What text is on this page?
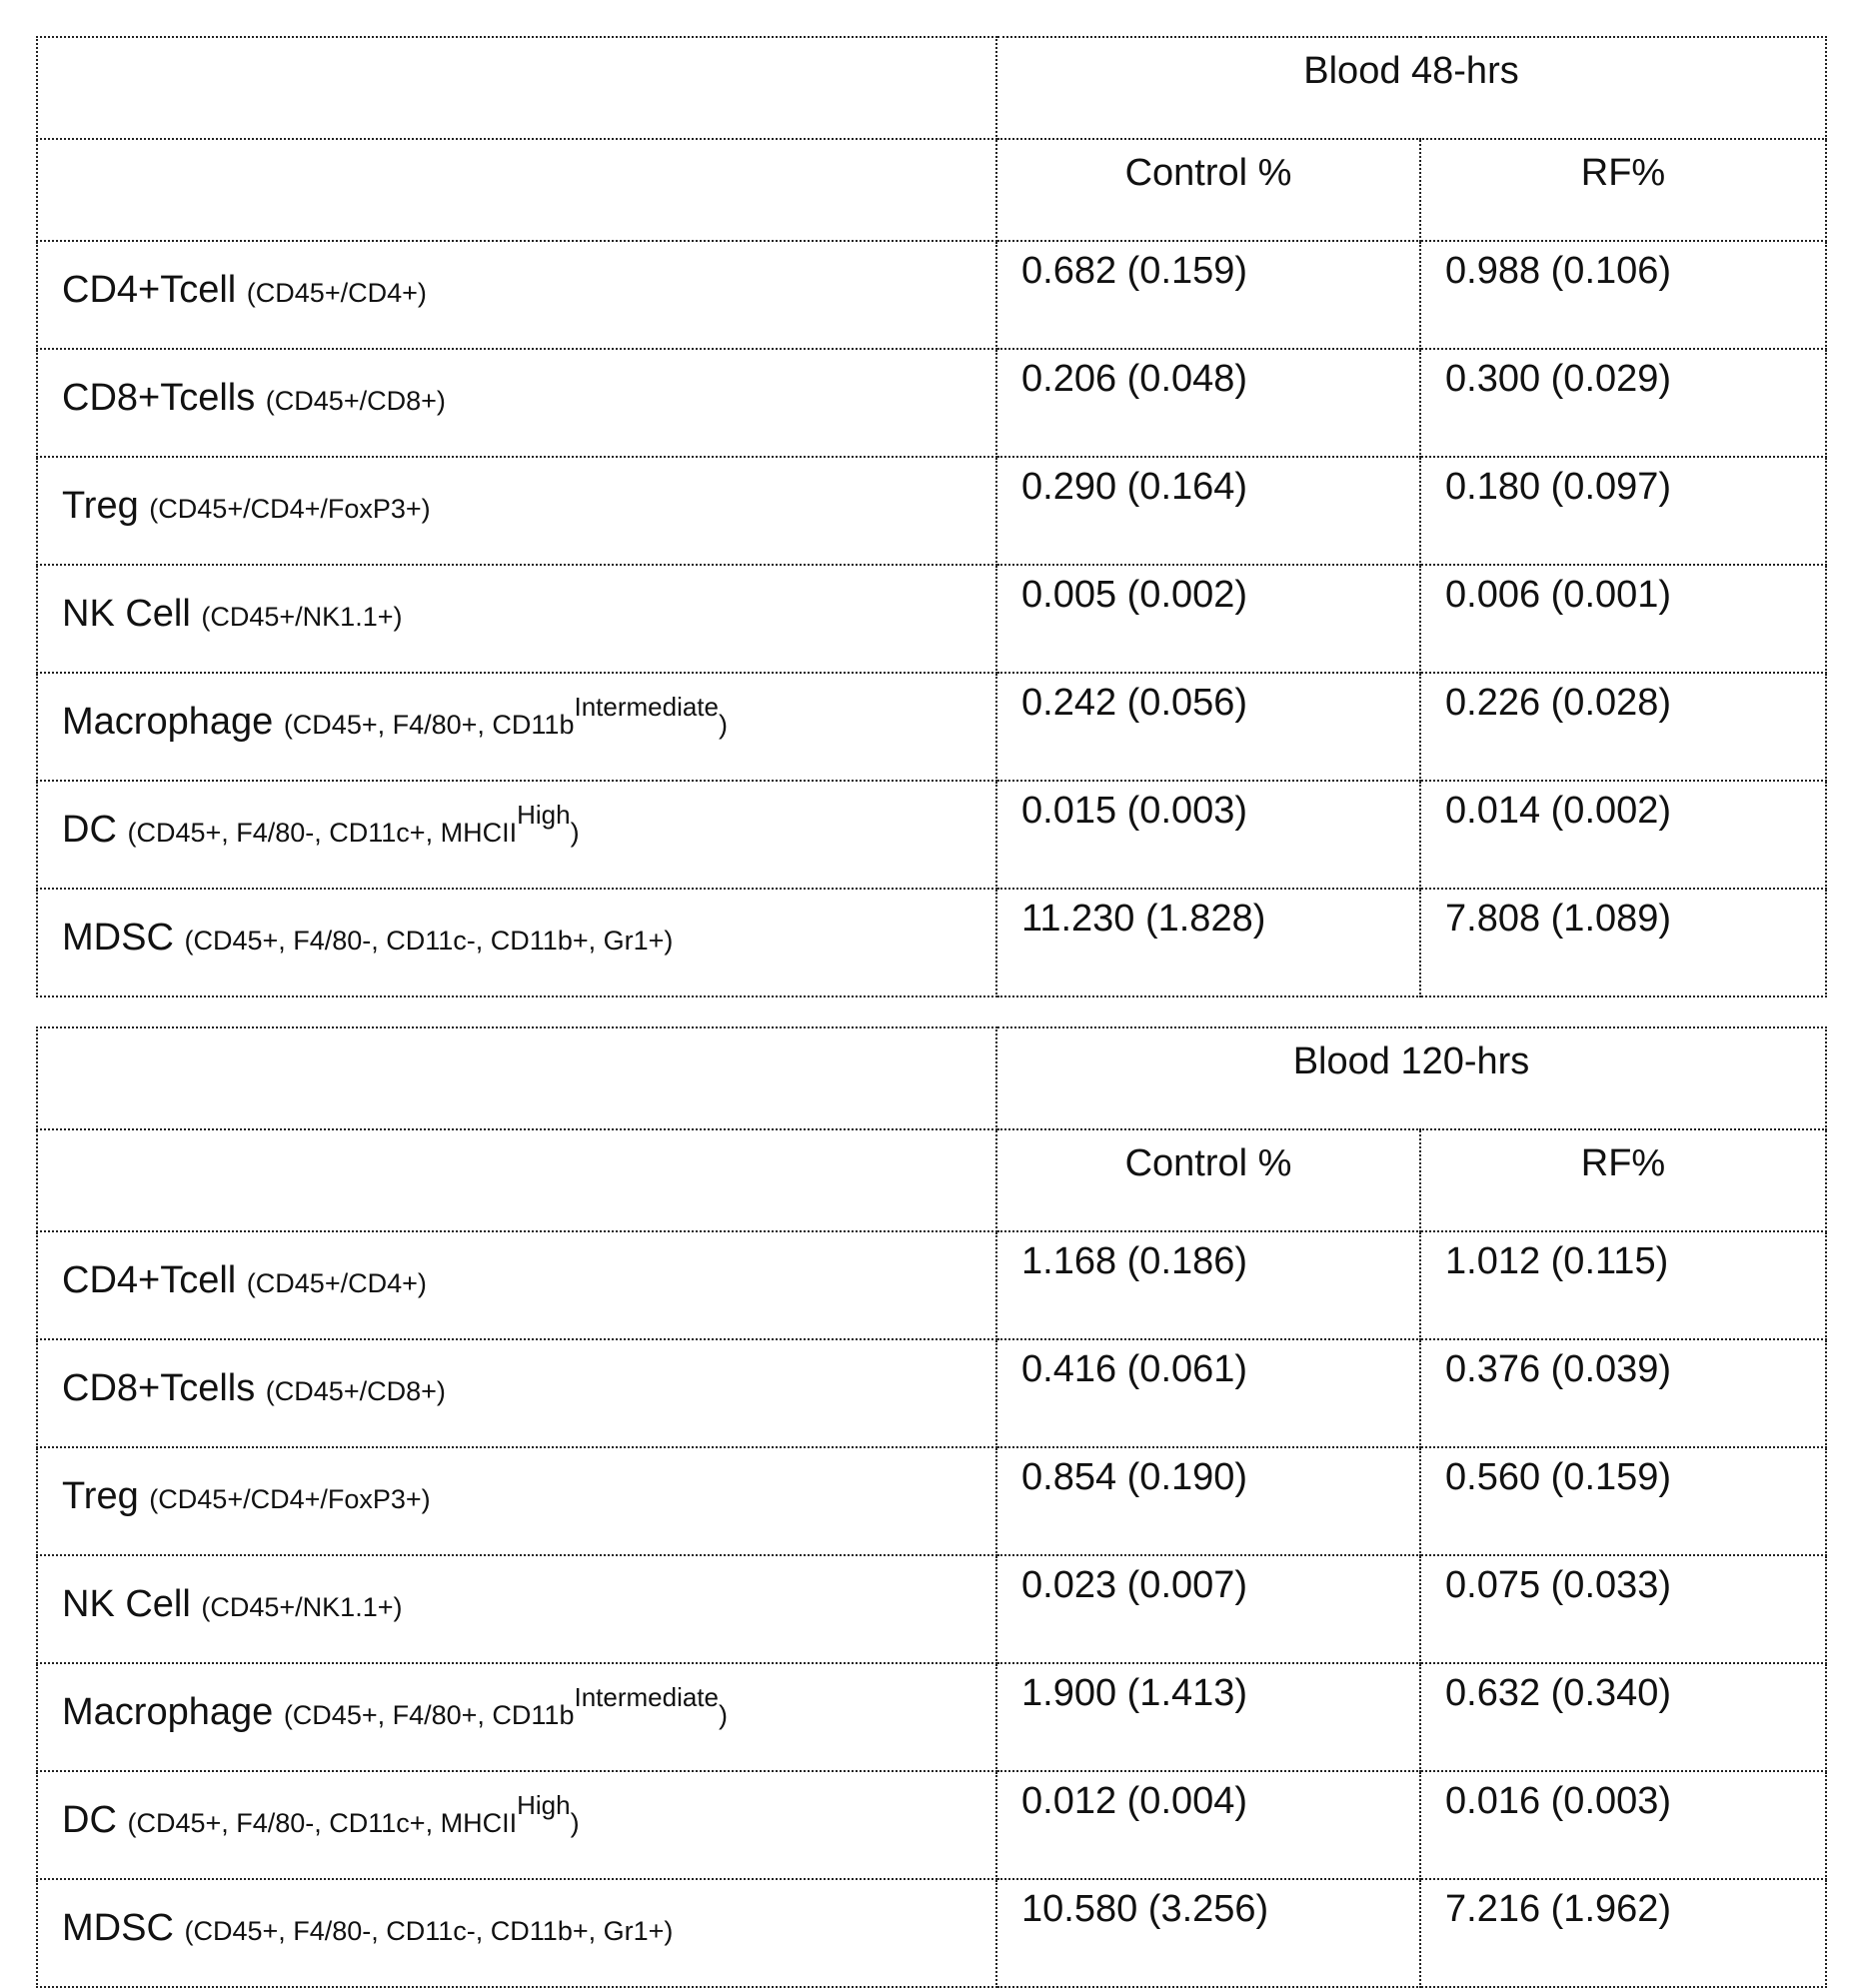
	Blood 48-hrs
	Control %	RF%
CD4+Tcell (CD45+/CD4+)	0.682 (0.159)	0.988 (0.106)
CD8+Tcells (CD45+/CD8+)	0.206 (0.048)	0.300 (0.029)
Treg (CD45+/CD4+/FoxP3+)	0.290 (0.164)	0.180 (0.097)
NK Cell (CD45+/NK1.1+)	0.005 (0.002)	0.006 (0.001)
Macrophage (CD45+, F4/80+, CD11bIntermediate)	0.242 (0.056)	0.226 (0.028)
DC (CD45+, F4/80-, CD11c+, MHCIIHigh)	0.015 (0.003)	0.014 (0.002)
MDSC (CD45+, F4/80-, CD11c-, CD11b+, Gr1+)	11.230 (1.828)	7.808 (1.089)
	Blood 120-hrs
	Control %	RF%
CD4+Tcell (CD45+/CD4+)	1.168 (0.186)	1.012 (0.115)
CD8+Tcells (CD45+/CD8+)	0.416 (0.061)	0.376 (0.039)
Treg (CD45+/CD4+/FoxP3+)	0.854 (0.190)	0.560 (0.159)
NK Cell (CD45+/NK1.1+)	0.023 (0.007)	0.075 (0.033)
Macrophage (CD45+, F4/80+, CD11bIntermediate)	1.900 (1.413)	0.632 (0.340)
DC (CD45+, F4/80-, CD11c+, MHCIIHigh)	0.012 (0.004)	0.016 (0.003)
MDSC (CD45+, F4/80-, CD11c-, CD11b+, Gr1+)	10.580 (3.256)	7.216 (1.962)
